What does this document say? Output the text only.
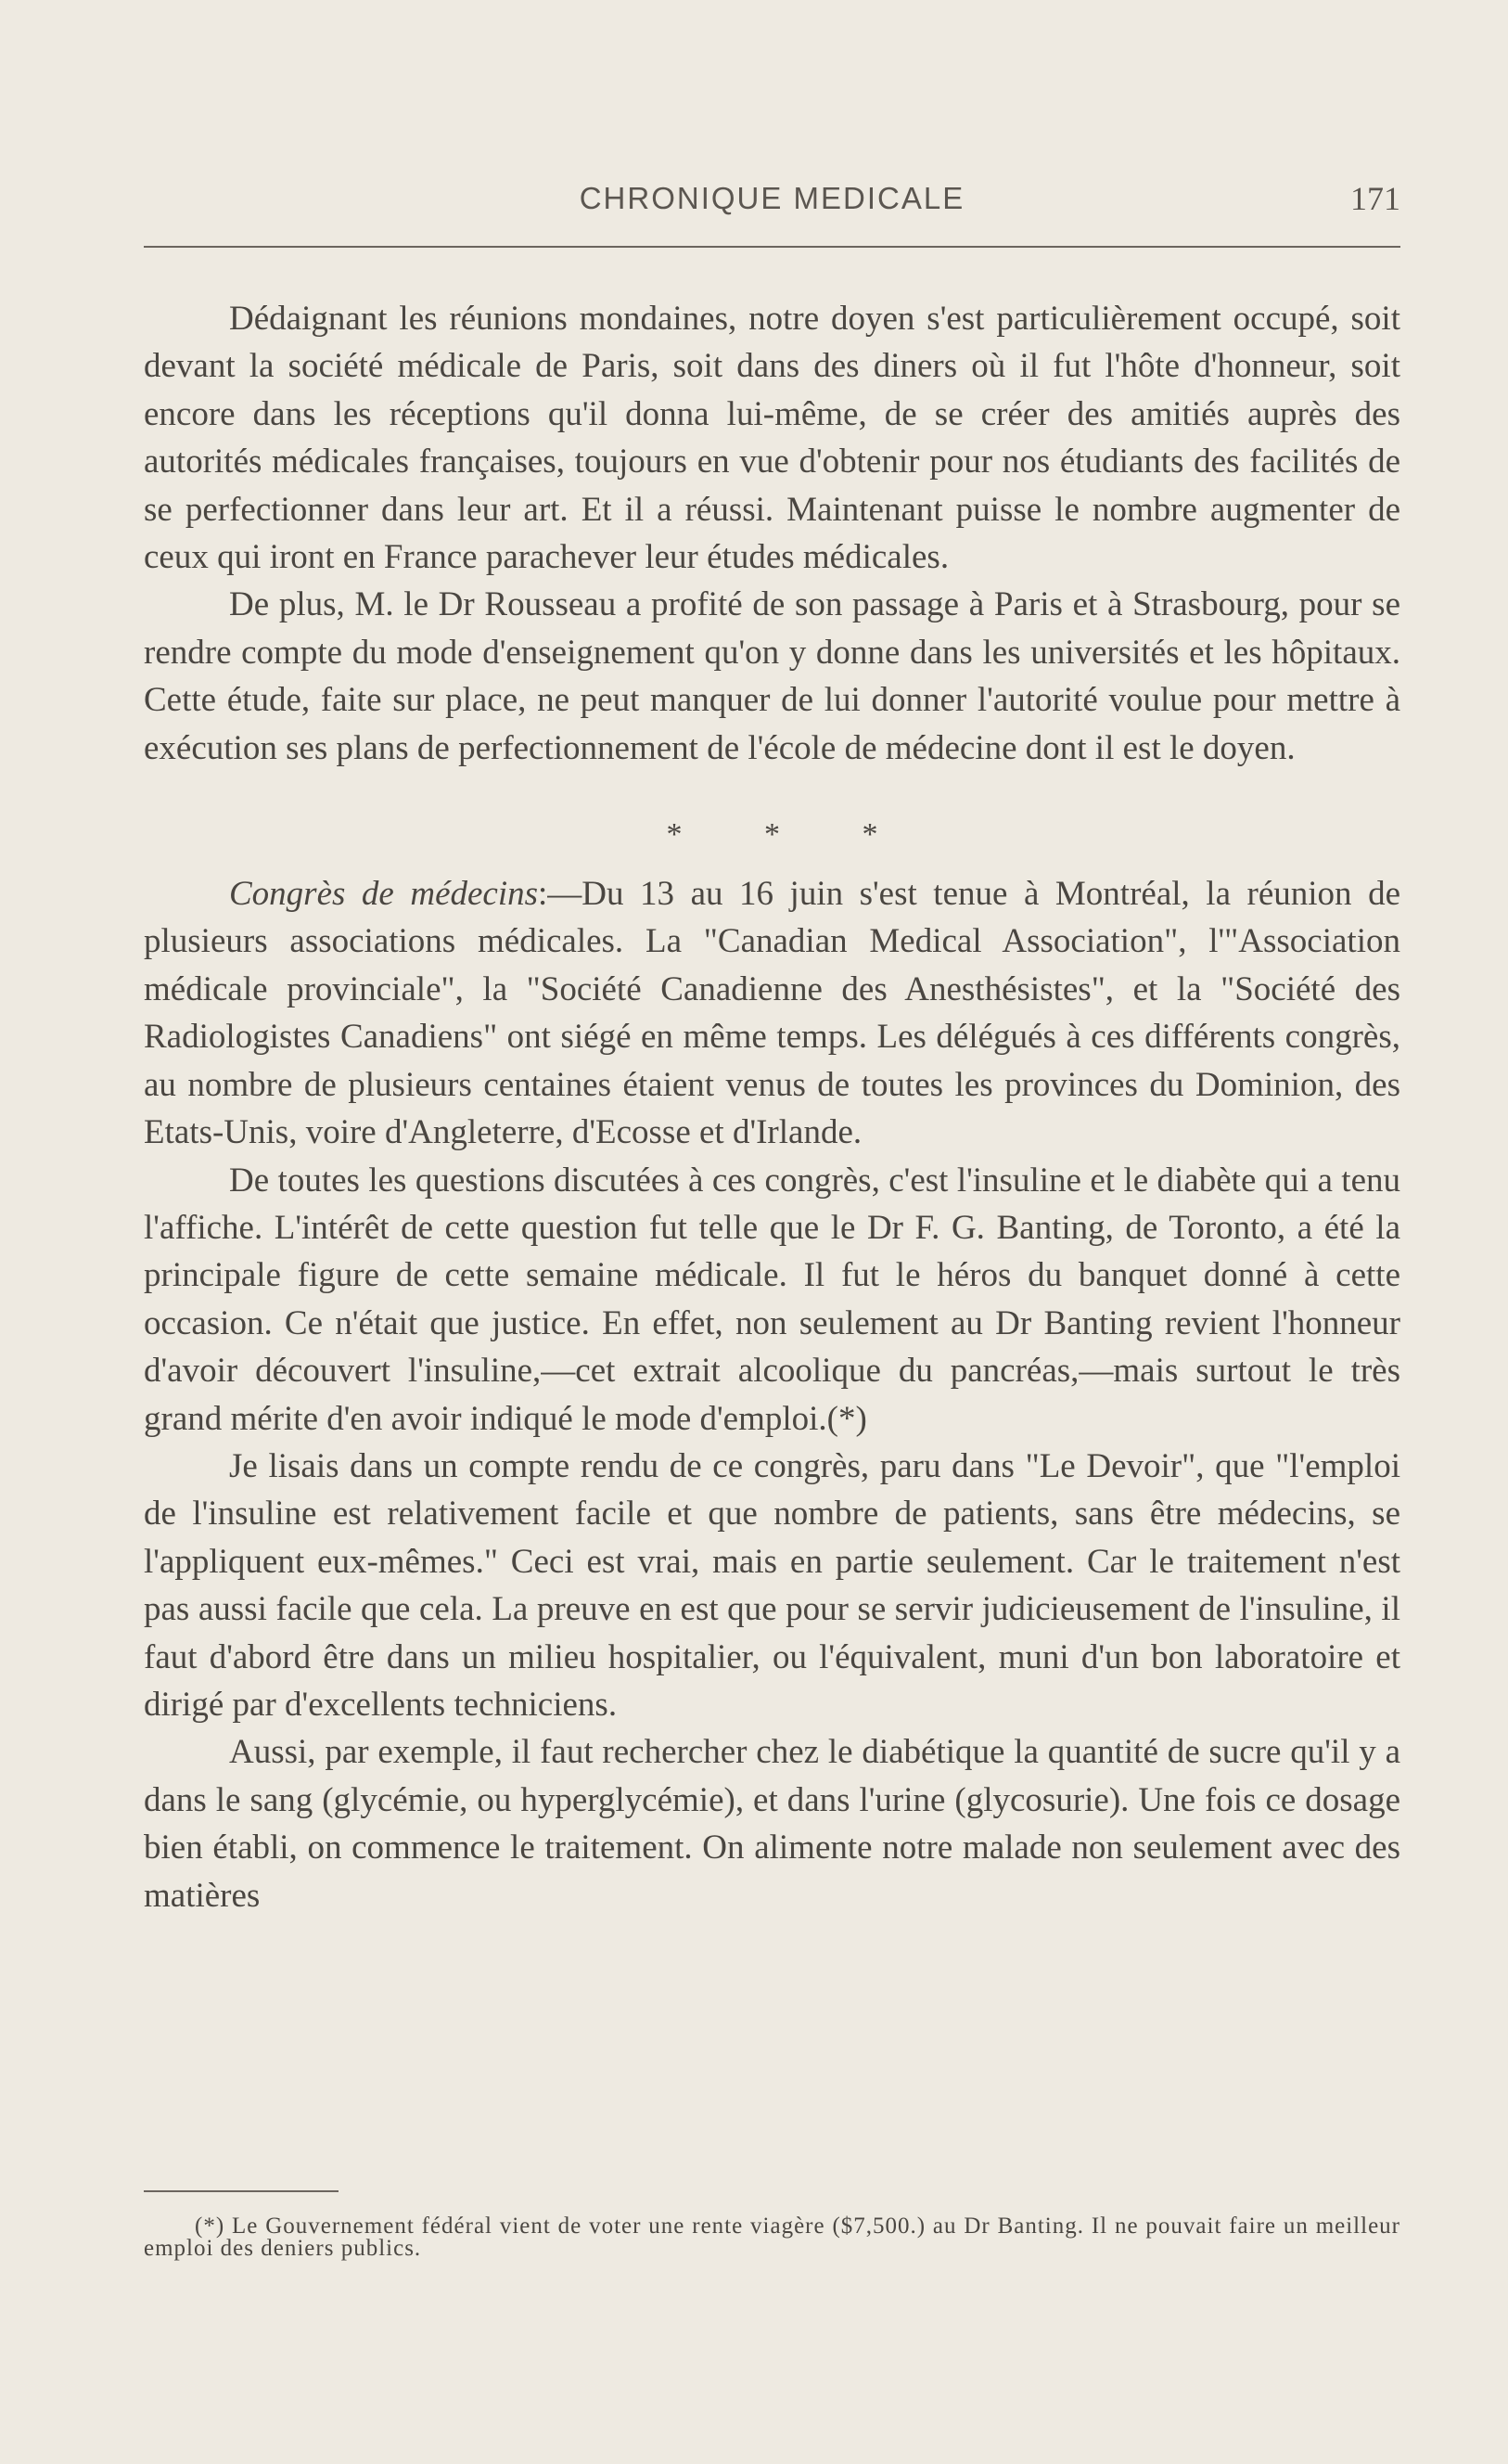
CHRONIQUE MEDICALE	171

Dédaignant les réunions mondaines, notre doyen s'est particulièrement occupé, soit devant la société médicale de Paris, soit dans des diners où il fut l'hôte d'honneur, soit encore dans les réceptions qu'il donna lui-même, de se créer des amitiés auprès des autorités médicales françaises, toujours en vue d'obtenir pour nos étudiants des facilités de se perfectionner dans leur art. Et il a réussi. Maintenant puisse le nombre augmenter de ceux qui iront en France parachever leur études médicales.

De plus, M. le Dr Rousseau a profité de son passage à Paris et à Strasbourg, pour se rendre compte du mode d'enseignement qu'on y donne dans les universités et les hôpitaux. Cette étude, faite sur place, ne peut manquer de lui donner l'autorité voulue pour mettre à exécution ses plans de perfectionnement de l'école de médecine dont il est le doyen.

* * *

Congrès de médecins:—Du 13 au 16 juin s'est tenue à Montréal, la réunion de plusieurs associations médicales. La "Canadian Medical Association", l'"Association médicale provinciale", la "Société Canadienne des Anesthésistes", et la "Société des Radiologistes Canadiens" ont siégé en même temps. Les délégués à ces différents congrès, au nombre de plusieurs centaines étaient venus de toutes les provinces du Dominion, des Etats-Unis, voire d'Angleterre, d'Ecosse et d'Irlande.

De toutes les questions discutées à ces congrès, c'est l'insuline et le diabète qui a tenu l'affiche. L'intérêt de cette question fut telle que le Dr F. G. Banting, de Toronto, a été la principale figure de cette semaine médicale. Il fut le héros du banquet donné à cette occasion. Ce n'était que justice. En effet, non seulement au Dr Banting revient l'honneur d'avoir découvert l'insuline,—cet extrait alcoolique du pancréas,—mais surtout le très grand mérite d'en avoir indiqué le mode d'emploi.(*)

Je lisais dans un compte rendu de ce congrès, paru dans "Le Devoir", que "l'emploi de l'insuline est relativement facile et que nombre de patients, sans être médecins, se l'appliquent eux-mêmes." Ceci est vrai, mais en partie seulement. Car le traitement n'est pas aussi facile que cela. La preuve en est que pour se servir judicieusement de l'insuline, il faut d'abord être dans un milieu hospitalier, ou l'équivalent, muni d'un bon laboratoire et dirigé par d'excellents techniciens.

Aussi, par exemple, il faut rechercher chez le diabétique la quantité de sucre qu'il y a dans le sang (glycémie, ou hyperglycémie), et dans l'urine (glycosurie). Une fois ce dosage bien établi, on commence le traitement. On alimente notre malade non seulement avec des matières

(*) Le Gouvernement fédéral vient de voter une rente viagère ($7,500.) au Dr Banting. Il ne pouvait faire un meilleur emploi des deniers publics.
